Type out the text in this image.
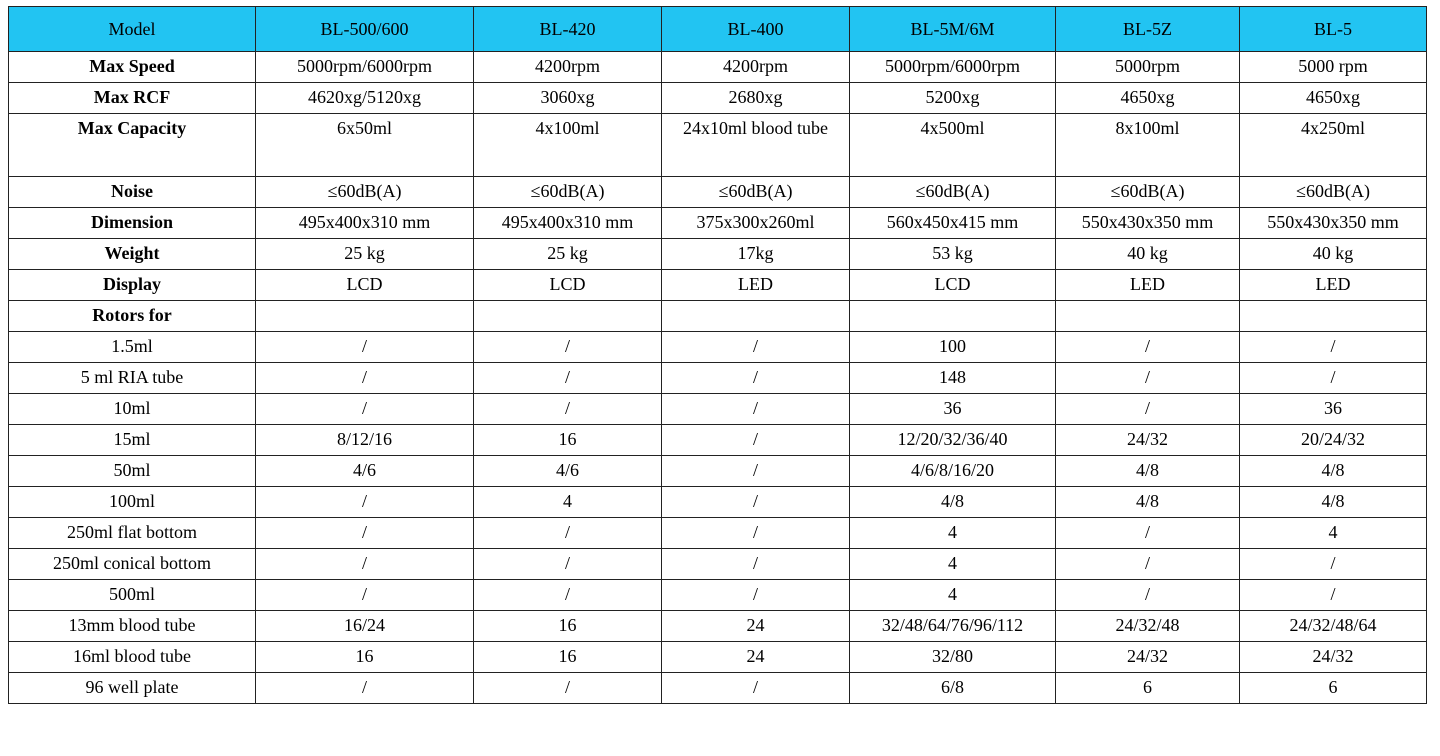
Model	BL-500/600	BL-420	BL-400	BL-5M/6M	BL-5Z	BL-5
Max Speed	5000rpm/6000rpm	4200rpm	4200rpm	5000rpm/6000rpm	5000rpm	5000 rpm
Max RCF	4620xg/5120xg	3060xg	2680xg	5200xg	4650xg	4650xg
Max Capacity	6x50ml	4x100ml	24x10ml blood tube	4x500ml	8x100ml	4x250ml
Noise	≤60dB(A)	≤60dB(A)	≤60dB(A)	≤60dB(A)	≤60dB(A)	≤60dB(A)
Dimension	495x400x310 mm	495x400x310 mm	375x300x260ml	560x450x415 mm	550x430x350 mm	550x430x350 mm
Weight	25 kg	25 kg	17kg	53 kg	40 kg	40 kg
Display	LCD	LCD	LED	LCD	LED	LED
Rotors for						
1.5ml	/	/	/	100	/	/
5 ml RIA tube	/	/	/	148	/	/
10ml	/	/	/	36	/	36
15ml	8/12/16	16	/	12/20/32/36/40	24/32	20/24/32
50ml	4/6	4/6	/	4/6/8/16/20	4/8	4/8
100ml	/	4	/	4/8	4/8	4/8
250ml flat bottom	/	/	/	4	/	4
250ml conical bottom	/	/	/	4	/	/
500ml	/	/	/	4	/	/
13mm blood tube	16/24	16	24	32/48/64/76/96/112	24/32/48	24/32/48/64
16ml blood tube	16	16	24	32/80	24/32	24/32
96 well plate	/	/	/	6/8	6	6
